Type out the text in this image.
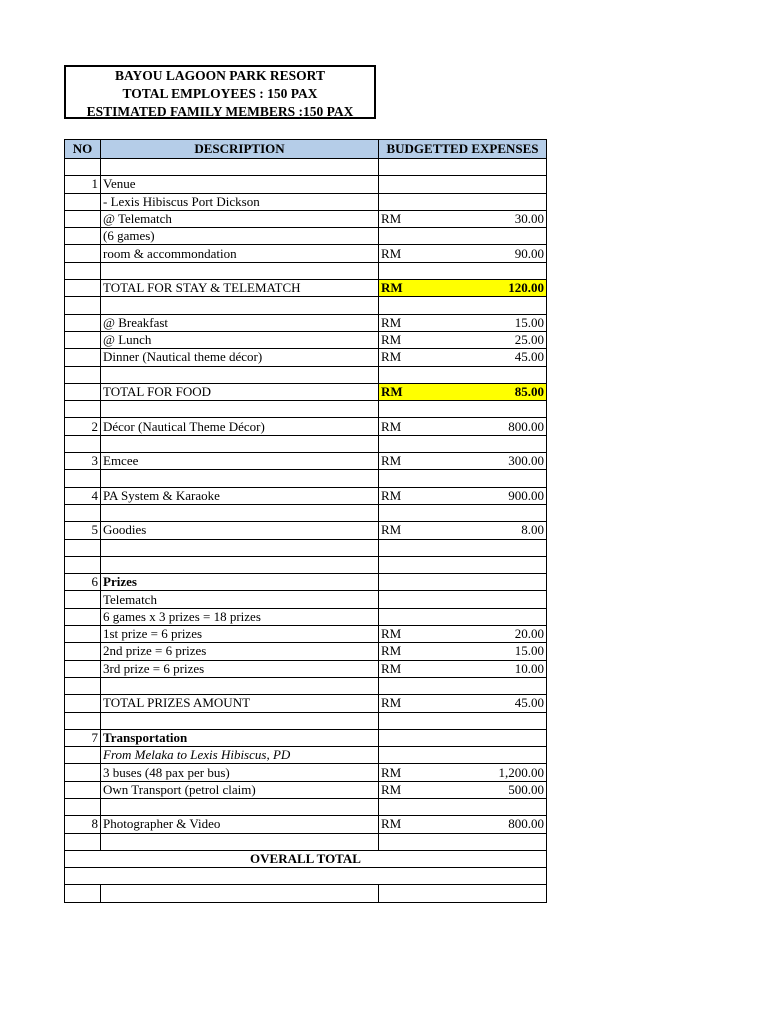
BAYOU LAGOON PARK RESORT
TOTAL EMPLOYEES : 150 PAX
ESTIMATED FAMILY MEMBERS :150 PAX
NO	DESCRIPTION	BUDGETTED EXPENSES	

1	Venue		
	- Lexis Hibiscus Port Dickson		
	@ Telematch	RM	30.00
	(6 games)		
	room & accommondation	RM	90.00

	TOTAL FOR STAY & TELEMATCH	RM	120.00

	@ Breakfast	RM	15.00
	@ Lunch	RM	25.00
	Dinner (Nautical theme décor)	RM	45.00

	TOTAL FOR FOOD	RM	85.00

2	Décor (Nautical Theme Décor)	RM	800.00

3	Emcee	RM	300.00

4	PA System & Karaoke	RM	900.00

5	Goodies	RM	8.00

6	Prizes		
	Telematch		
	6 games x 3 prizes = 18 prizes		
	1st prize = 6 prizes	RM	20.00
	2nd prize = 6 prizes	RM	15.00
	3rd prize = 6 prizes	RM	10.00

	TOTAL PRIZES AMOUNT	RM	45.00

7	Transportation		
	From Melaka to Lexis Hibiscus, PD		
	3 buses (48 pax per bus)	RM	1,200.00
	Own Transport (petrol claim)	RM	500.00

8	Photographer & Video	RM	800.00

OVERALL TOTAL			
